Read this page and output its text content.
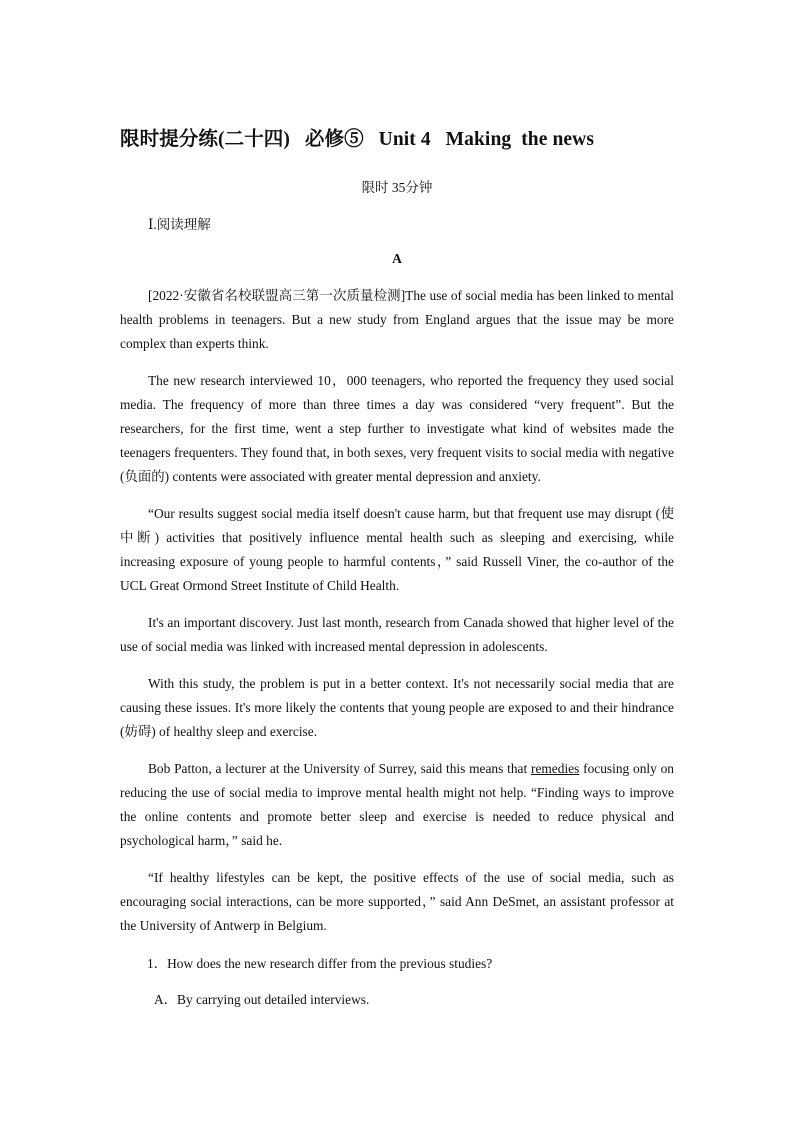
限时提分练(二十四)   必修⑤   Unit 4   Making  the news
限时 35分钟
Ⅰ.阅读理解
A
[2022·安徽省名校联盟高三第一次质量检测]The use of social media has been linked to mental health problems in teenagers. But a new study from England argues that the issue may be more complex than experts think.
The new research interviewed 10，000 teenagers, who reported the frequency they used social media. The frequency of more than three times a day was considered “very frequent”. But the researchers, for the first time, went a step further to investigate what kind of websites made the teenagers frequenters. They found that, in both sexes, very frequent visits to social media with negative (负面的) contents were associated with greater mental depression and anxiety.
“Our results suggest social media itself doesn't cause harm, but that frequent use may disrupt (使中断) activities that positively influence mental health such as sleeping and exercising, while increasing exposure of young people to harmful contents，” said Russell Viner, the co-author of the UCL Great Ormond Street Institute of Child Health.
It's an important discovery. Just last month, research from Canada showed that higher level of the use of social media was linked with increased mental depression in adolescents.
With this study, the problem is put in a better context. It's not necessarily social media that are causing these issues. It's more likely the contents that young people are exposed to and their hindrance (妨碍) of healthy sleep and exercise.
Bob Patton, a lecturer at the University of Surrey, said this means that remedies focusing only on reducing the use of social media to improve mental health might not help. “Finding ways to improve the online contents and promote better sleep and exercise is needed to reduce physical and psychological harm，” said he.
“If healthy lifestyles can be kept, the positive effects of the use of social media, such as encouraging social interactions, can be more supported，” said Ann DeSmet, an assistant professor at the University of Antwerp in Belgium.
1．How does the new research differ from the previous studies?
A．By carrying out detailed interviews.
